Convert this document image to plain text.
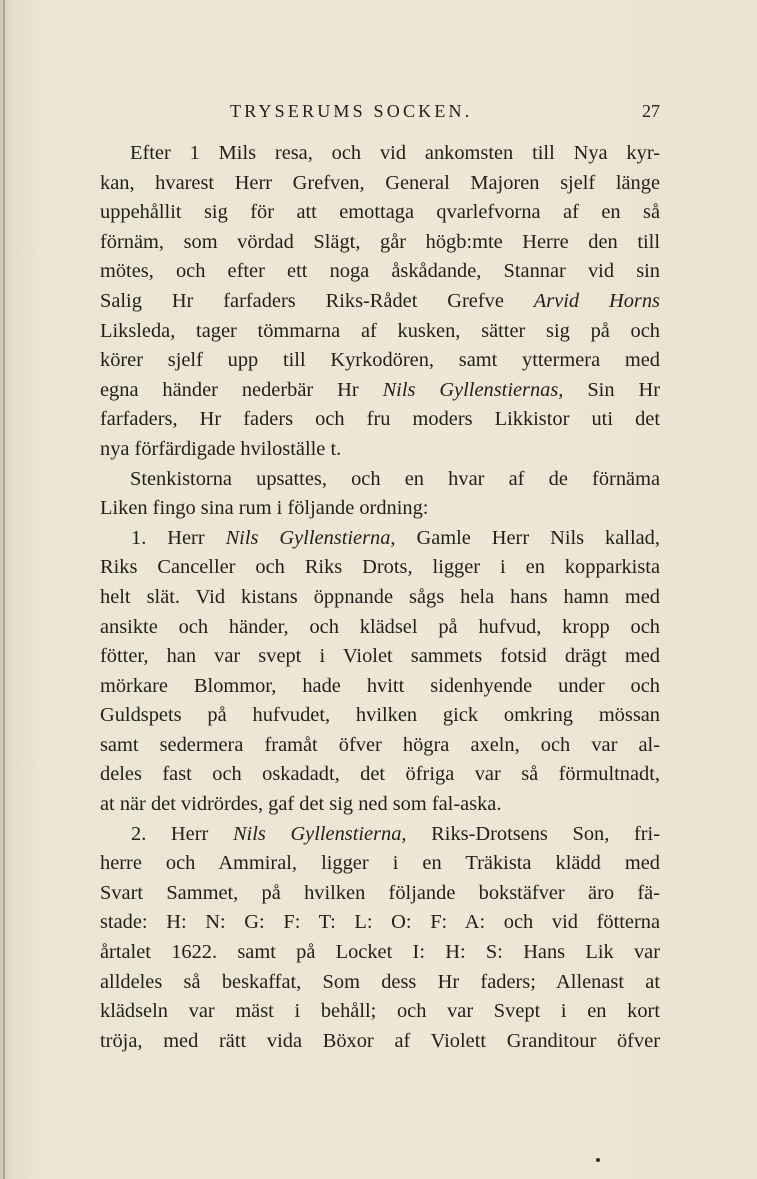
TRYSERUMS SOCKEN.	27
Efter 1 Mils resa, och vid ankomsten till Nya kyr-
kan, hvarest Herr Grefven, General Majoren sjelf länge
uppehållit sig för att emottaga qvarlefvorna af en så
förnäm, som vördad Slägt, går högb:mte Herre den till
mötes, och efter ett noga åskådande, Stannar vid sin
Salig Hr farfaders Riks-Rådet Grefve Arvid Horns
Liksleda, tager tömmarna af kusken, sätter sig på och
körer sjelf upp till Kyrkodören, samt yttermera med
egna händer nederbär Hr Nils Gyllenstiernas, Sin Hr
farfaders, Hr faders och fru moders Likkistor uti det
nya förfärdigade hviloställe t.
Stenkistorna upsattes, och en hvar af de förnäma
Liken fingo sina rum i följande ordning:
1. Herr Nils Gyllenstierna, Gamle Herr Nils kallad,
Riks Canceller och Riks Drots, ligger i en kopparkista
helt slät. Vid kistans öppnande sågs hela hans hamn med
ansikte och händer, och klädsel på hufvud, kropp och
fötter, han var svept i Violet sammets fotsid drägt med
mörkare Blommor, hade hvitt sidenhyende under och
Guldspets på hufvudet, hvilken gick omkring mössan
samt sedermera framåt öfver högra axeln, och var al-
deles fast och oskadadt, det öfriga var så förmultnadt,
at när det vidrördes, gaf det sig ned som fal-aska.
2. Herr Nils Gyllenstierna, Riks-Drotsens Son, fri-
herre och Ammiral, ligger i en Träkista klädd med
Svart Sammet, på hvilken följande bokstäfver äro fä-
stade: H: N: G: F: T: L: O: F: A: och vid fötterna
årtalet 1622. samt på Locket I: H: S: Hans Lik var
alldeles så beskaffat, Som dess Hr faders; Allenast at
klädseln var mäst i behåll; och var Svept i en kort
tröja, med rätt vida Böxor af Violett Granditour öfver
